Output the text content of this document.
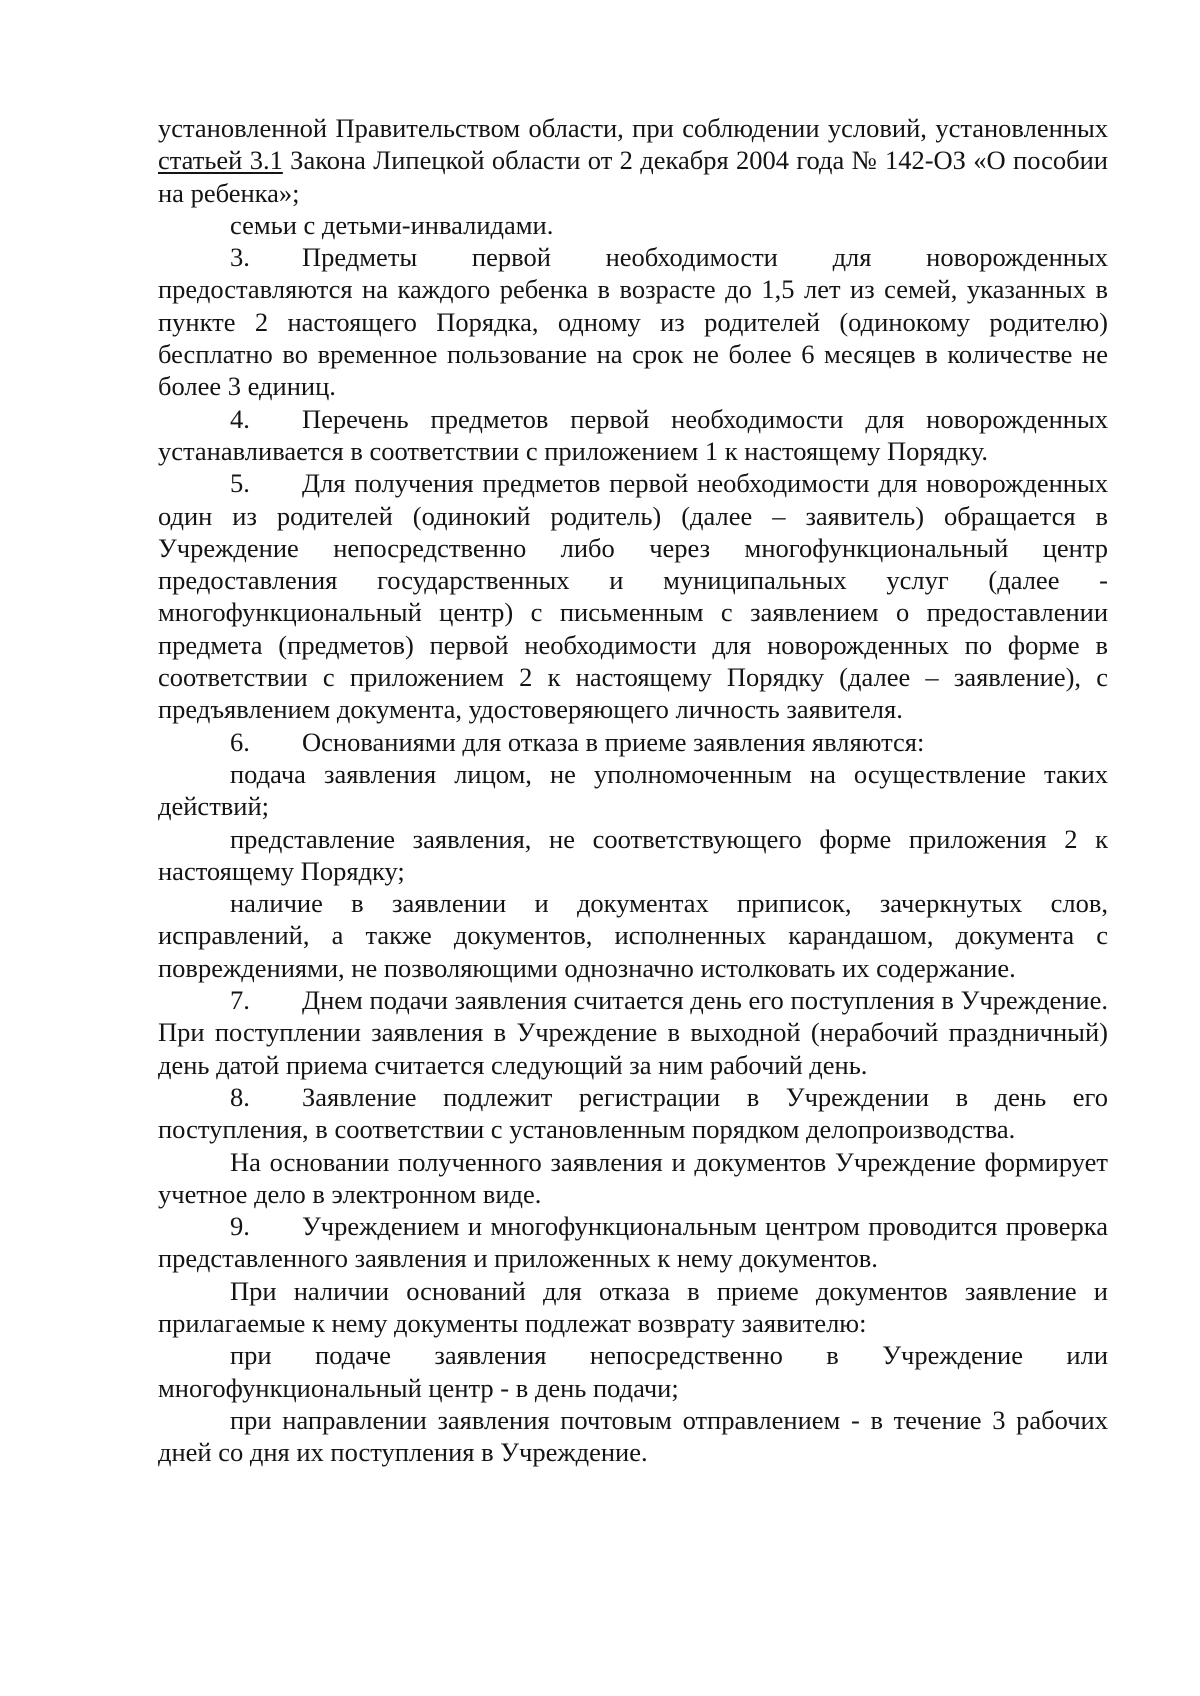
установленной Правительством области, при соблюдении условий, установленных статьей 3.1 Закона Липецкой области от 2 декабря 2004 года № 142-ОЗ «О пособии на ребенка»;

семьи с детьми-инвалидами.

3. Предметы первой необходимости для новорожденных предоставляются на каждого ребенка в возрасте до 1,5 лет из семей, указанных в пункте 2 настоящего Порядка, одному из родителей (одинокому родителю) бесплатно во временное пользование на срок не более 6 месяцев в количестве не более 3 единиц.

4. Перечень предметов первой необходимости для новорожденных устанавливается в соответствии с приложением 1 к настоящему Порядку.

5. Для получения предметов первой необходимости для новорожденных один из родителей (одинокий родитель) (далее – заявитель) обращается в Учреждение непосредственно либо через многофункциональный центр предоставления государственных и муниципальных услуг (далее - многофункциональный центр) с письменным с заявлением о предоставлении предмета (предметов) первой необходимости для новорожденных по форме в соответствии с приложением 2 к настоящему Порядку (далее – заявление), с предъявлением документа, удостоверяющего личность заявителя.

6. Основаниями для отказа в приеме заявления являются:

подача заявления лицом, не уполномоченным на осуществление таких действий;

представление заявления, не соответствующего форме приложения 2 к настоящему Порядку;

наличие в заявлении и документах приписок, зачеркнутых слов, исправлений, а также документов, исполненных карандашом, документа с повреждениями, не позволяющими однозначно истолковать их содержание.

7. Днем подачи заявления считается день его поступления в Учреждение. При поступлении заявления в Учреждение в выходной (нерабочий праздничный) день датой приема считается следующий за ним рабочий день.

8. Заявление подлежит регистрации в Учреждении в день его поступления, в соответствии с установленным порядком делопроизводства.

На основании полученного заявления и документов Учреждение формирует учетное дело в электронном виде.

9. Учреждением и многофункциональным центром проводится проверка представленного заявления и приложенных к нему документов.

При наличии оснований для отказа в приеме документов заявление и прилагаемые к нему документы подлежат возврату заявителю:

при подаче заявления непосредственно в Учреждение или многофункциональный центр - в день подачи;

при направлении заявления почтовым отправлением - в течение 3 рабочих дней со дня их поступления в Учреждение.
